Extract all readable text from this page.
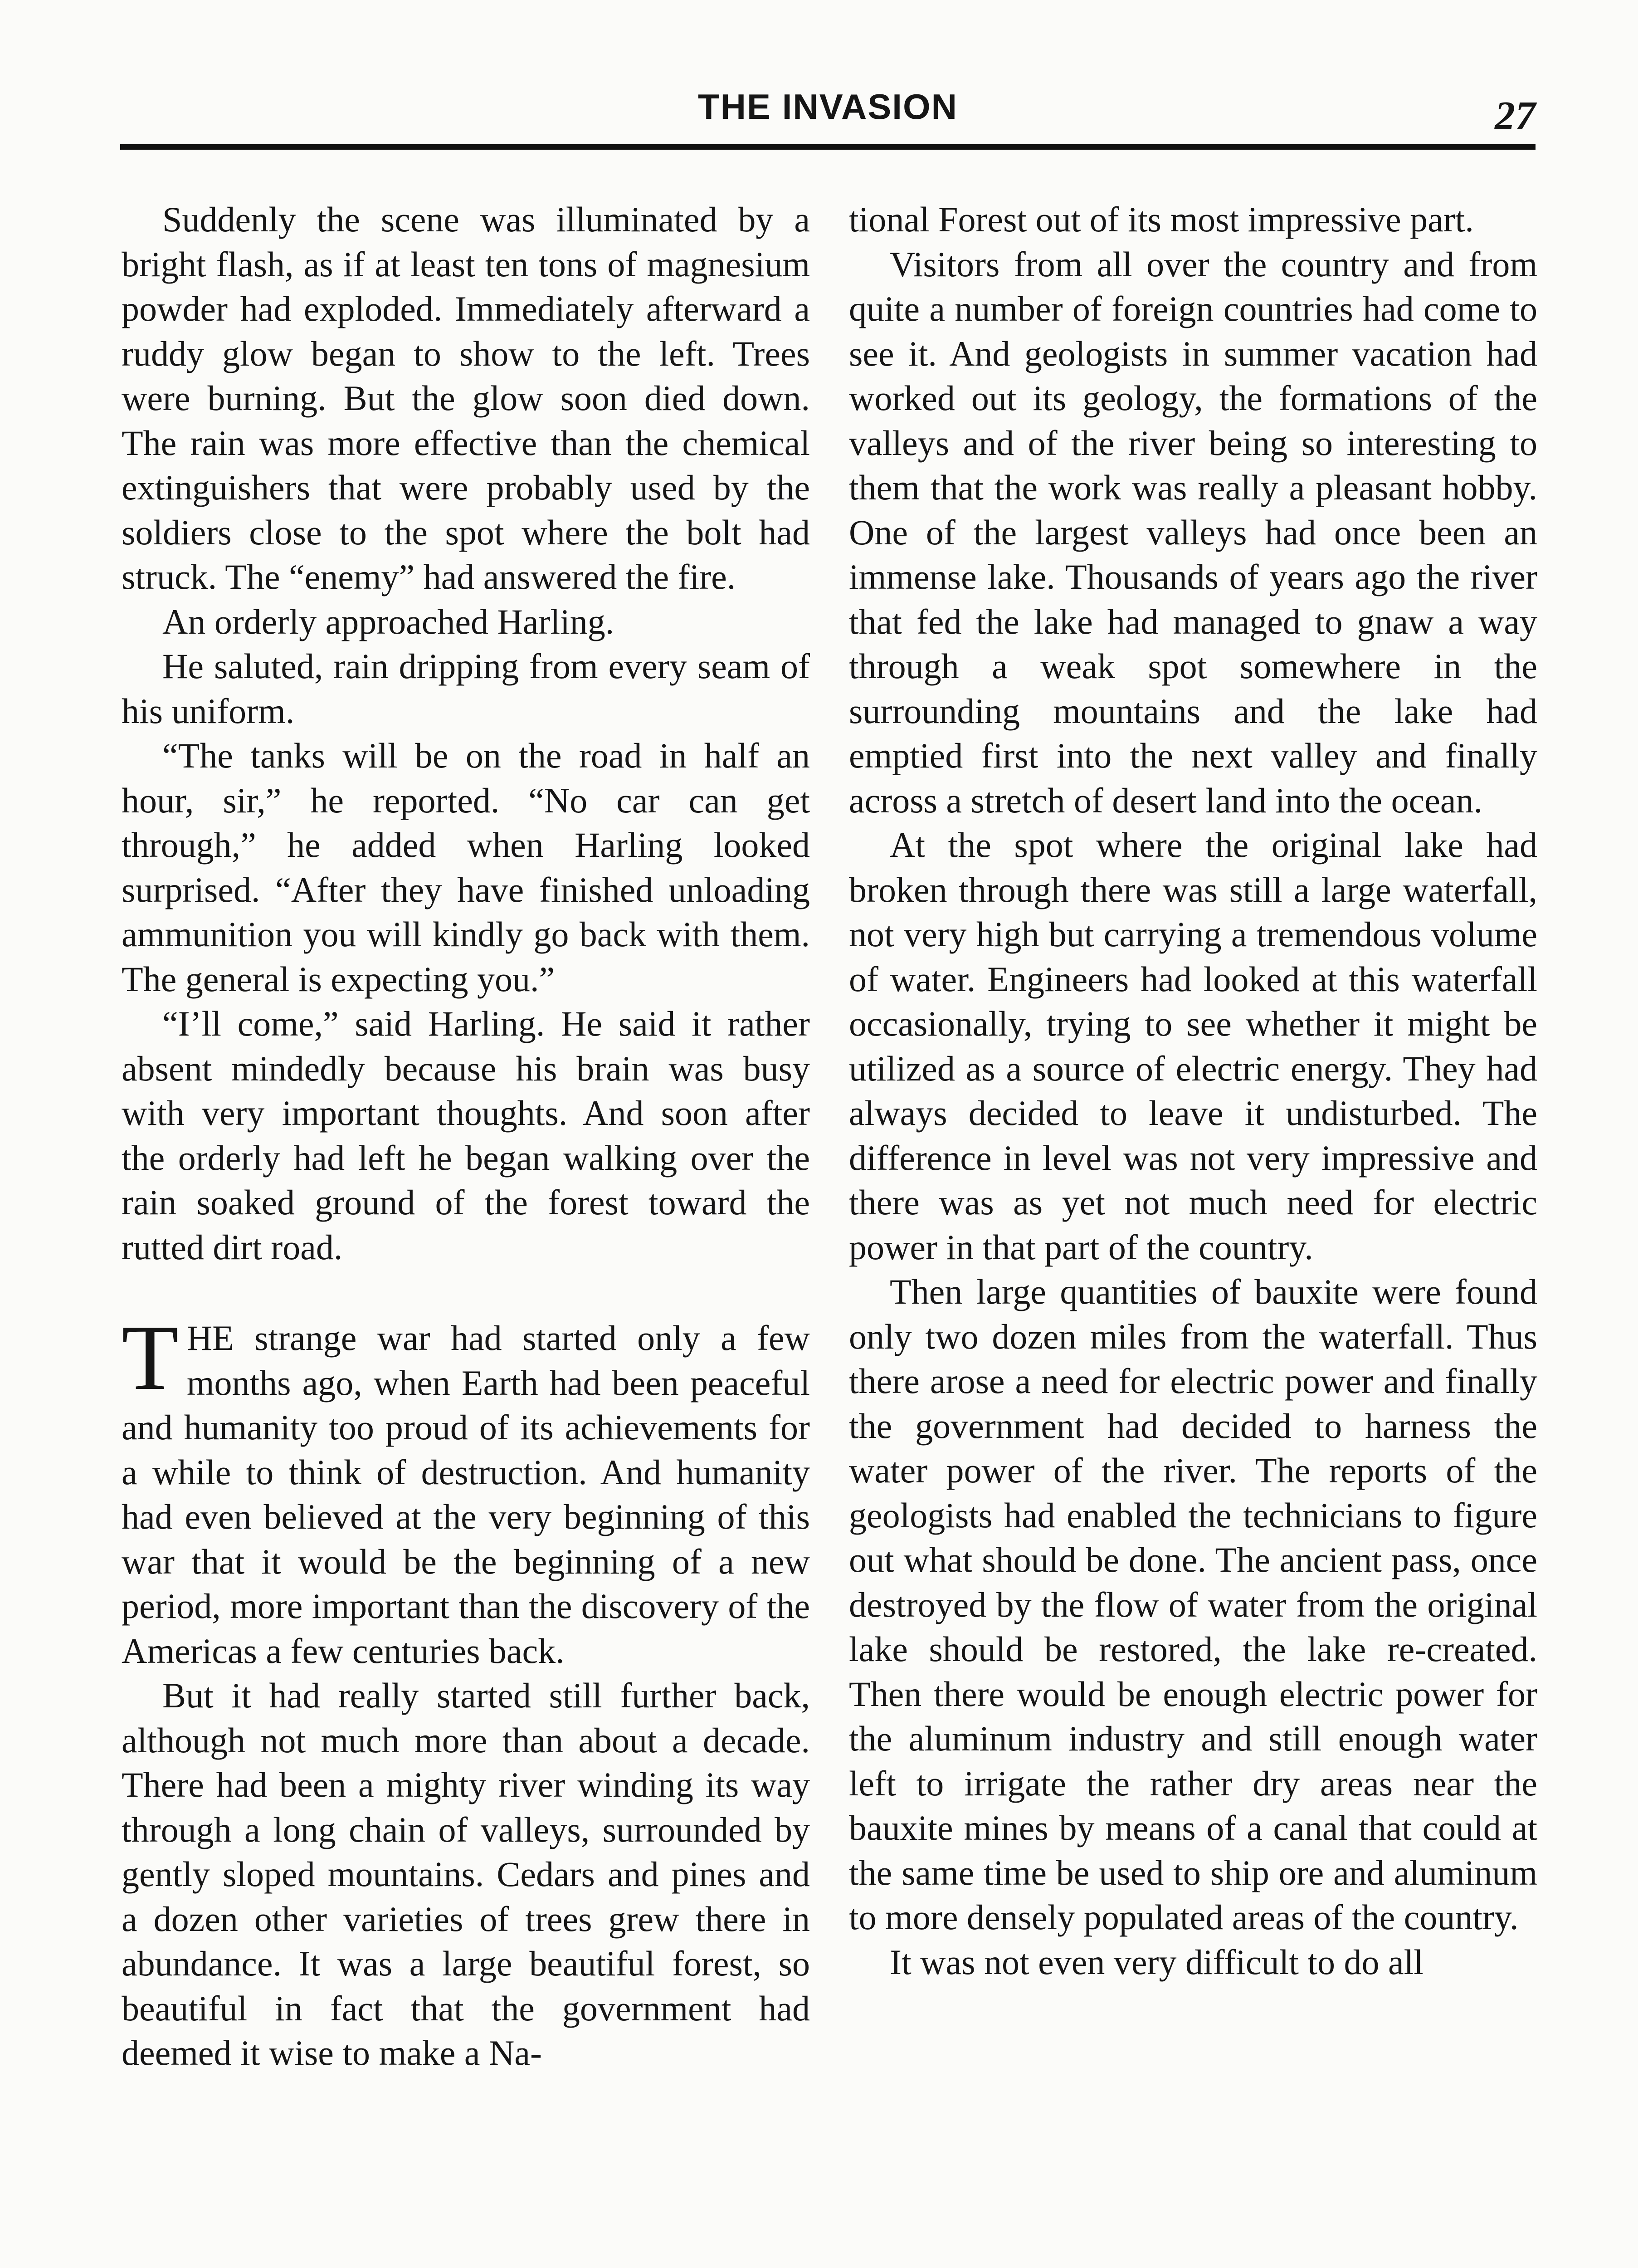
THE INVASION	27

Suddenly the scene was illuminated by a bright flash, as if at least ten tons of magnesium powder had exploded. Immediately afterward a ruddy glow began to show to the left. Trees were burning. But the glow soon died down. The rain was more effective than the chemical extinguishers that were probably used by the soldiers close to the spot where the bolt had struck. The “enemy” had answered the fire.

An orderly approached Harling.

He saluted, rain dripping from every seam of his uniform.

“The tanks will be on the road in half an hour, sir,” he reported. “No car can get through,” he added when Harling looked surprised. “After they have finished unloading ammunition you will kindly go back with them. The general is expecting you.”

“I’ll come,” said Harling. He said it rather absent mindedly because his brain was busy with very important thoughts. And soon after the orderly had left he began walking over the rain soaked ground of the forest toward the rutted dirt road.

THE strange war had started only a few months ago, when Earth had been peaceful and humanity too proud of its achievements for a while to think of destruction. And humanity had even believed at the very beginning of this war that it would be the beginning of a new period, more important than the discovery of the Americas a few centuries back.

But it had really started still further back, although not much more than about a decade. There had been a mighty river winding its way through a long chain of valleys, surrounded by gently sloped mountains. Cedars and pines and a dozen other varieties of trees grew there in abundance. It was a large beautiful forest, so beautiful in fact that the government had deemed it wise to make a Na-

tional Forest out of its most impressive part.

Visitors from all over the country and from quite a number of foreign countries had come to see it. And geologists in summer vacation had worked out its geology, the formations of the valleys and of the river being so interesting to them that the work was really a pleasant hobby. One of the largest valleys had once been an immense lake. Thousands of years ago the river that fed the lake had managed to gnaw a way through a weak spot somewhere in the surrounding mountains and the lake had emptied first into the next valley and finally across a stretch of desert land into the ocean.

At the spot where the original lake had broken through there was still a large waterfall, not very high but carrying a tremendous volume of water. Engineers had looked at this waterfall occasionally, trying to see whether it might be utilized as a source of electric energy. They had always decided to leave it undisturbed. The difference in level was not very impressive and there was as yet not much need for electric power in that part of the country.

Then large quantities of bauxite were found only two dozen miles from the waterfall. Thus there arose a need for electric power and finally the government had decided to harness the water power of the river. The reports of the geologists had enabled the technicians to figure out what should be done. The ancient pass, once destroyed by the flow of water from the original lake should be restored, the lake re-created. Then there would be enough electric power for the aluminum industry and still enough water left to irrigate the rather dry areas near the bauxite mines by means of a canal that could at the same time be used to ship ore and aluminum to more densely populated areas of the country.

It was not even very difficult to do all
